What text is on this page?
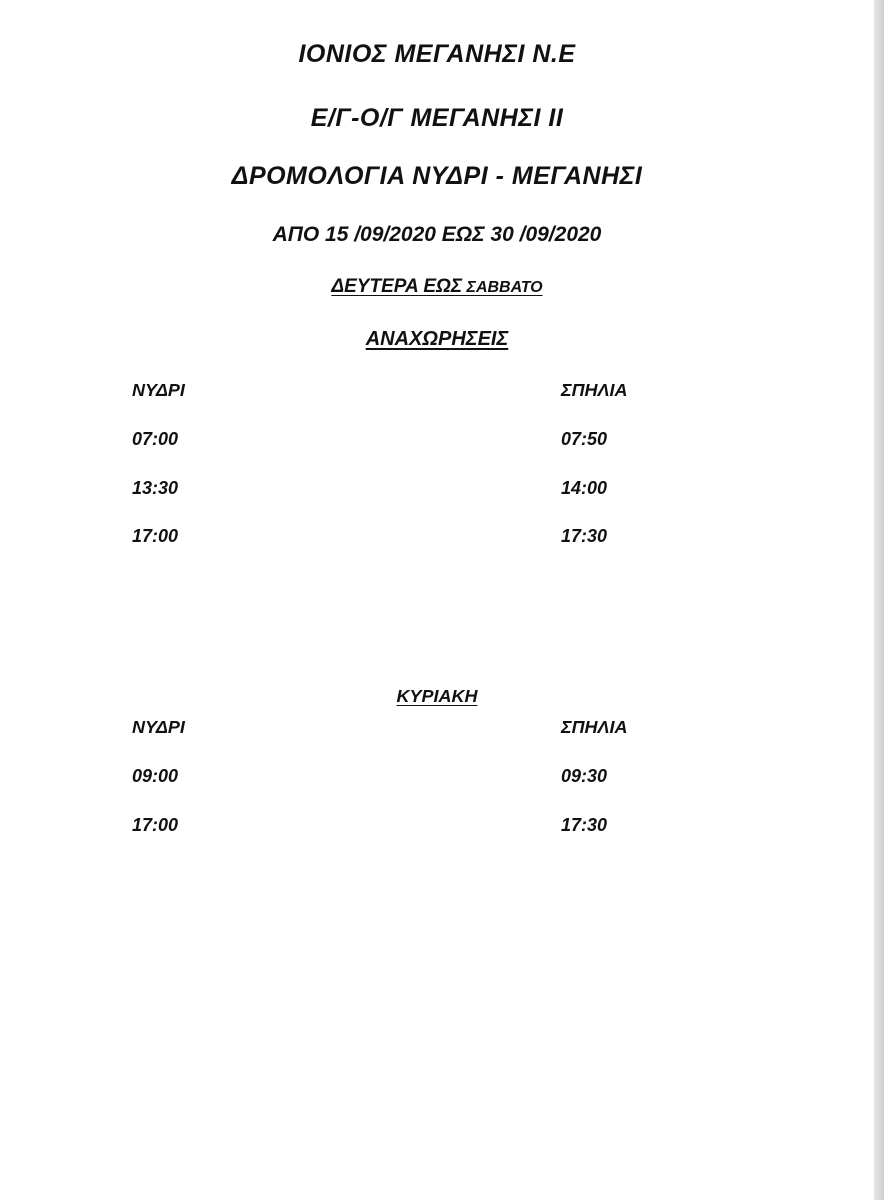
ΙΟΝΙΟΣ ΜΕΓΑΝΗΣΙ Ν.Ε
Ε/Γ-Ο/Γ ΜΕΓΑΝΗΣΙ ΙΙ
ΔΡΟΜΟΛΟΓΙΑ ΝΥΔΡΙ - ΜΕΓΑΝΗΣΙ
ΑΠΟ 15 /09/2020 ΕΩΣ 30 /09/2020
ΔΕΥΤΕΡΑ ΕΩΣ ΣΑΒΒΑΤΟ
ΑΝΑΧΩΡΗΣΕΙΣ
ΝΥΔΡΙ	ΣΠΗΛΙΑ
07:00	07:50
13:30	14:00
17:00	17:30
ΚΥΡΙΑΚΗ
ΝΥΔΡΙ	ΣΠΗΛΙΑ
09:00	09:30
17:00	17:30
